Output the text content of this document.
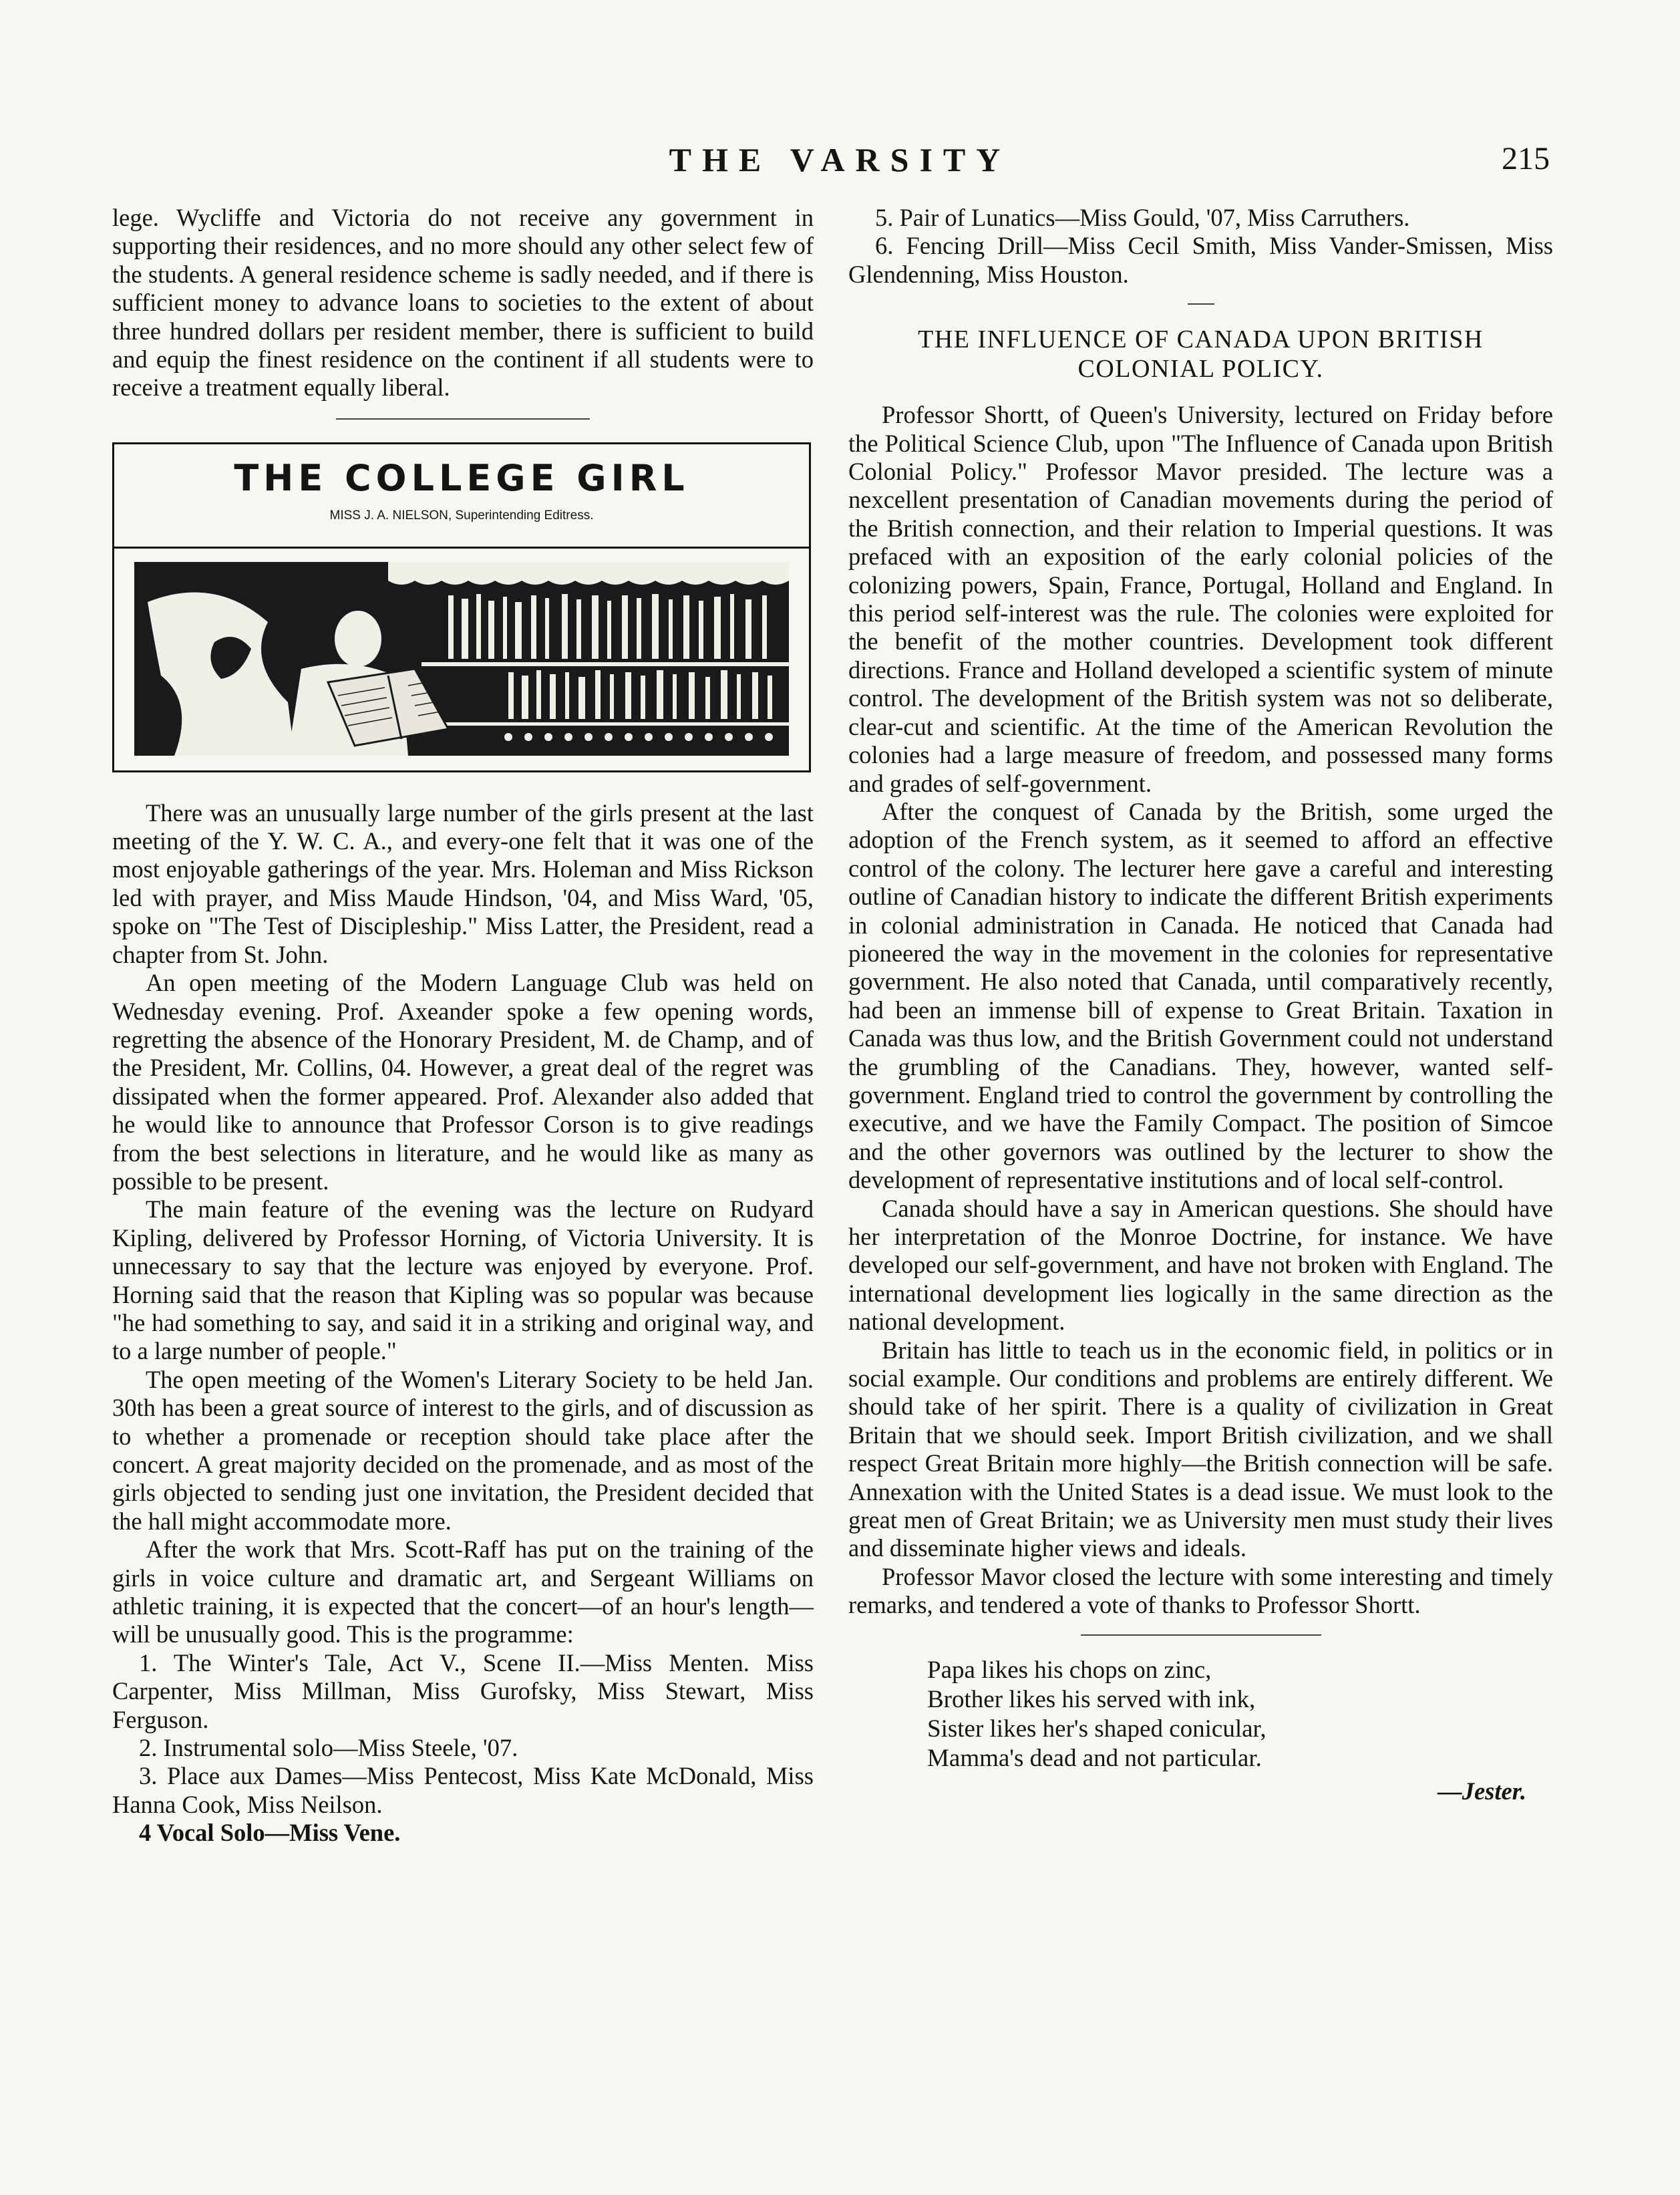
THE VARSITY	215

lege. Wycliffe and Victoria do not receive any government in supporting their residences, and no more should any other select few of the students. A general residence scheme is sadly needed, and if there is sufficient money to advance loans to societies to the extent of about three hundred dollars per resident member, there is sufficient to build and equip the finest residence on the continent if all students were to receive a treatment equally liberal.

THE COLLEGE GIRL
MISS J. A. NIELSON, Superintending Editress.

There was an unusually large number of the girls present at the last meeting of the Y. W. C. A., and every-one felt that it was one of the most enjoyable gatherings of the year. Mrs. Holeman and Miss Rickson led with prayer, and Miss Maude Hindson, '04, and Miss Ward, '05, spoke on "The Test of Discipleship." Miss Latter, the President, read a chapter from St. John.

An open meeting of the Modern Language Club was held on Wednesday evening. Prof. Axeander spoke a few opening words, regretting the absence of the Honorary President, M. de Champ, and of the President, Mr. Collins, 04. However, a great deal of the regret was dissipated when the former appeared. Prof. Alexander also added that he would like to announce that Professor Corson is to give readings from the best selections in literature, and he would like as many as possible to be present.

The main feature of the evening was the lecture on Rudyard Kipling, delivered by Professor Horning, of Victoria University. It is unnecessary to say that the lecture was enjoyed by everyone. Prof. Horning said that the reason that Kipling was so popular was because "he had something to say, and said it in a striking and original way, and to a large number of people."

The open meeting of the Women's Literary Society to be held Jan. 30th has been a great source of interest to the girls, and of discussion as to whether a promenade or reception should take place after the concert. A great majority decided on the promenade, and as most of the girls objected to sending just one invitation, the President decided that the hall might accommodate more.

After the work that Mrs. Scott-Raff has put on the training of the girls in voice culture and dramatic art, and Sergeant Williams on athletic training, it is expected that the concert—of an hour's length—will be unusually good. This is the programme:

1. The Winter's Tale, Act V., Scene II.—Miss Menten. Miss Carpenter, Miss Millman, Miss Gurofsky, Miss Stewart, Miss Ferguson.

2. Instrumental solo—Miss Steele, '07.

3. Place aux Dames—Miss Pentecost, Miss Kate McDonald, Miss Hanna Cook, Miss Neilson.

4 Vocal Solo—Miss Vene.

5. Pair of Lunatics—Miss Gould, '07, Miss Carruthers.

6. Fencing Drill—Miss Cecil Smith, Miss Vander-Smissen, Miss Glendenning, Miss Houston.

THE INFLUENCE OF CANADA UPON BRITISH COLONIAL POLICY.

Professor Shortt, of Queen's University, lectured on Friday before the Political Science Club, upon "The Influence of Canada upon British Colonial Policy." Professor Mavor presided. The lecture was a nexcellent presentation of Canadian movements during the period of the British connection, and their relation to Imperial questions. It was prefaced with an exposition of the early colonial policies of the colonizing powers, Spain, France, Portugal, Holland and England. In this period self-interest was the rule. The colonies were exploited for the benefit of the mother countries. Development took different directions. France and Holland developed a scientific system of minute control. The development of the British system was not so deliberate, clear-cut and scientific. At the time of the American Revolution the colonies had a large measure of freedom, and possessed many forms and grades of self-government.

After the conquest of Canada by the British, some urged the adoption of the French system, as it seemed to afford an effective control of the colony. The lecturer here gave a careful and interesting outline of Canadian history to indicate the different British experiments in colonial administration in Canada. He noticed that Canada had pioneered the way in the movement in the colonies for representative government. He also noted that Canada, until comparatively recently, had been an immense bill of expense to Great Britain. Taxation in Canada was thus low, and the British Government could not understand the grumbling of the Canadians. They, however, wanted self-government. England tried to control the government by controlling the executive, and we have the Family Compact. The position of Simcoe and the other governors was outlined by the lecturer to show the development of representative institutions and of local self-control.

Canada should have a say in American questions. She should have her interpretation of the Monroe Doctrine, for instance. We have developed our self-government, and have not broken with England. The international development lies logically in the same direction as the national development.

Britain has little to teach us in the economic field, in politics or in social example. Our conditions and problems are entirely different. We should take of her spirit. There is a quality of civilization in Great Britain that we should seek. Import British civilization, and we shall respect Great Britain more highly—the British connection will be safe. Annexation with the United States is a dead issue. We must look to the great men of Great Britain; we as University men must study their lives and disseminate higher views and ideals.

Professor Mavor closed the lecture with some interesting and timely remarks, and tendered a vote of thanks to Professor Shortt.

Papa likes his chops on zinc,
Brother likes his served with ink,
Sister likes her's shaped conicular,
Mamma's dead and not particular.
—Jester.
